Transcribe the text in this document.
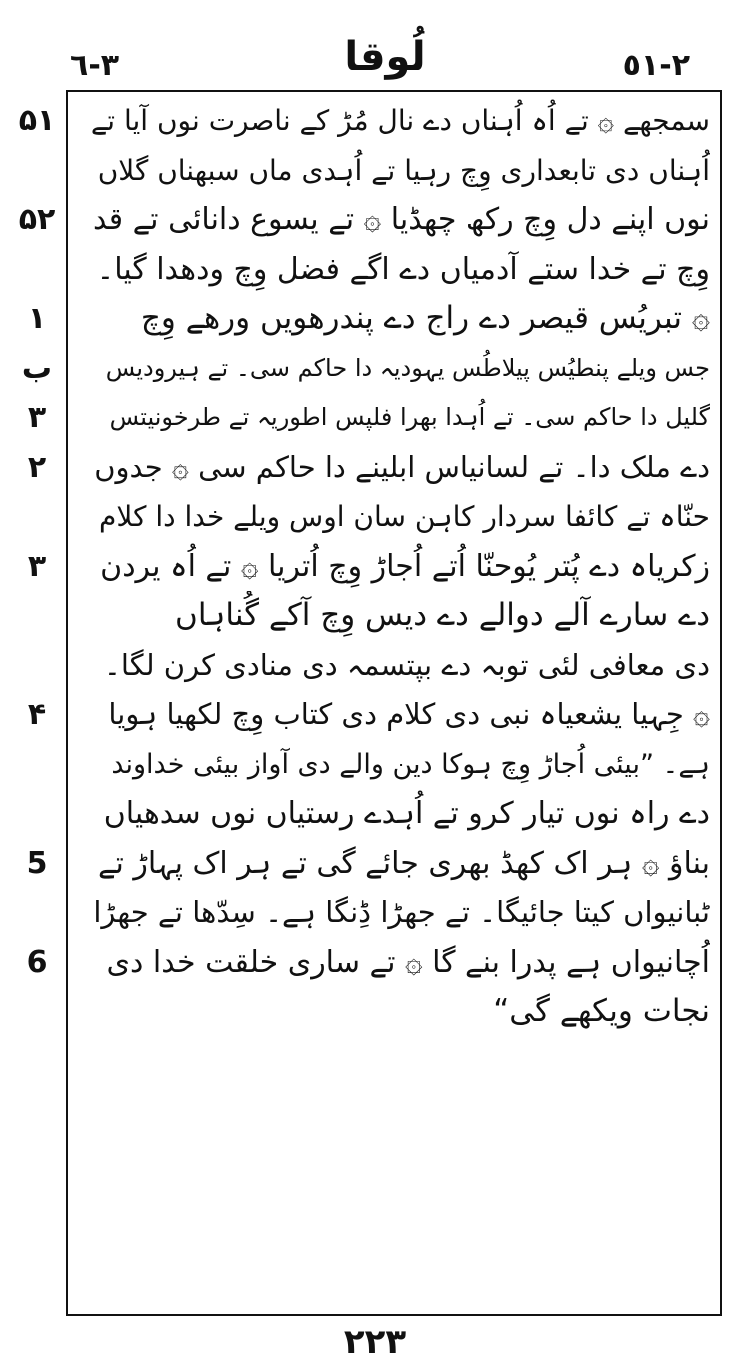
٣-٦	لُوقا	٢-٥١
۵١
۵٢
١ ب ٣
٢
٣
۴
5
6
سمجھے ۞ تے اُہ اُہناں دے نال مُڑ کے ناصرت نوں آیا تے
اُہناں دی تابعداری وِچ رہیا تے اُہدی ماں سبھناں گلاں
نوں اپنے دل وِچ رکھ چھڈیا ۞ تے یسوع دانائی تے قد
وِچ تے خدا ستے آدمیاں دے اگے فضل وِچ ودھدا گیا۔
۞ تبریُس قیصر دے راج دے پندرھویں ورھے وِچ
جس ویلے پنطیُس پیلاطُس یہودیہ دا حاکم سی۔ تے ہیرودیس
گلیل دا حاکم سی۔ تے اُہدا بھرا فلپس اطوریہ تے طرخونیتس
دے ملک دا۔ تے لسانیاس ابلینے دا حاکم سی ۞ جدوں
حنّاہ تے کائفا سردار کاہن سان اوس ویلے خدا دا کلام
زکریاہ دے پُتر یُوحنّا اُتے اُجاڑ وِچ اُتریا ۞ تے اُہ یردن
دے سارے آلے دوالے دے دیس وِچ آکے گُناہاں
دی معافی لئی توبہ دے بپتسمہ دی منادی کرن لگا۔
۞ جِہیا یشعیاہ نبی دی کلام دی کتاب وِچ لکھیا ہویا
ہے۔ ”بیئی اُجاڑ وِچ ہوکا دین والے دی آواز بیئی خداوند
دے راہ نوں تیار کرو تے اُہدے رستیاں نوں سدھیاں
بناؤ ۞ ہر اک کھڈ بھری جائے گی تے ہر اک پہاڑ تے
ٹبانیواں کیتا جائیگا۔ تے جھڑا ڈِنگا ہے۔ سِدّھا تے جھڑا
اُچانیواں ہے پدرا بنے گا ۞ تے ساری خلقت خدا دی
نجات ویکھے گی“
٢٢٣
